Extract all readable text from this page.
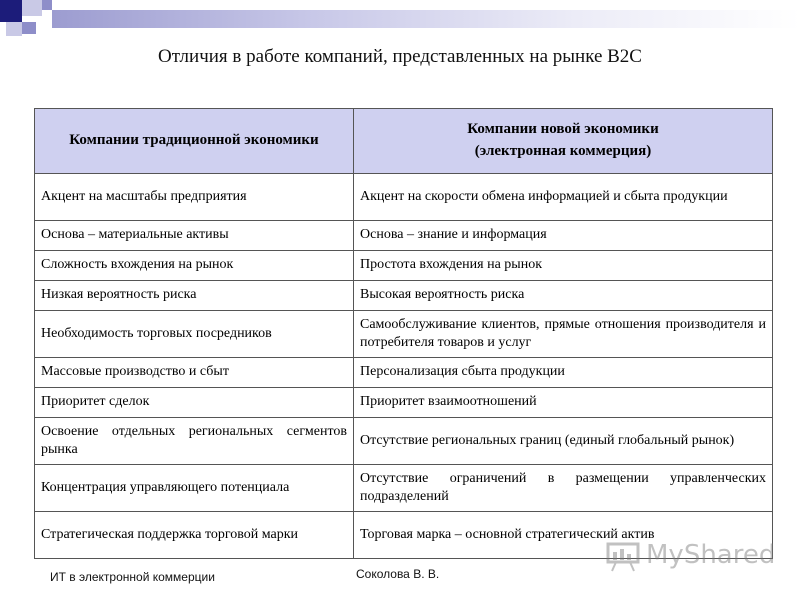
Отличия в работе компаний, представленных на рынке В2С
Компании традиционной экономики	Компании новой экономики
(электронная коммерция)

Акцент на масштабы предприятия	Акцент на скорости обмена информацией и сбыта продукции
Основа – материальные активы	Основа – знание и информация
Сложность вхождения на рынок	Простота вхождения на рынок
Низкая вероятность риска	Высокая вероятность риска
Необходимость торговых посредников	Самообслуживание клиентов, прямые отношения производителя и потребителя товаров и услуг
Массовые производство и сбыт	Персонализация сбыта продукции
Приоритет сделок	Приоритет взаимоотношений
Освоение отдельных региональных сегментов рынка	Отсутствие региональных границ (единый глобальный рынок)
Концентрация управляющего потенциала	Отсутствие ограничений в размещении управленческих подразделений
Стратегическая поддержка торговой марки	Торговая марка – основной стратегический актив
MyShared
ИТ в электронной коммерции	Соколова В. В.
